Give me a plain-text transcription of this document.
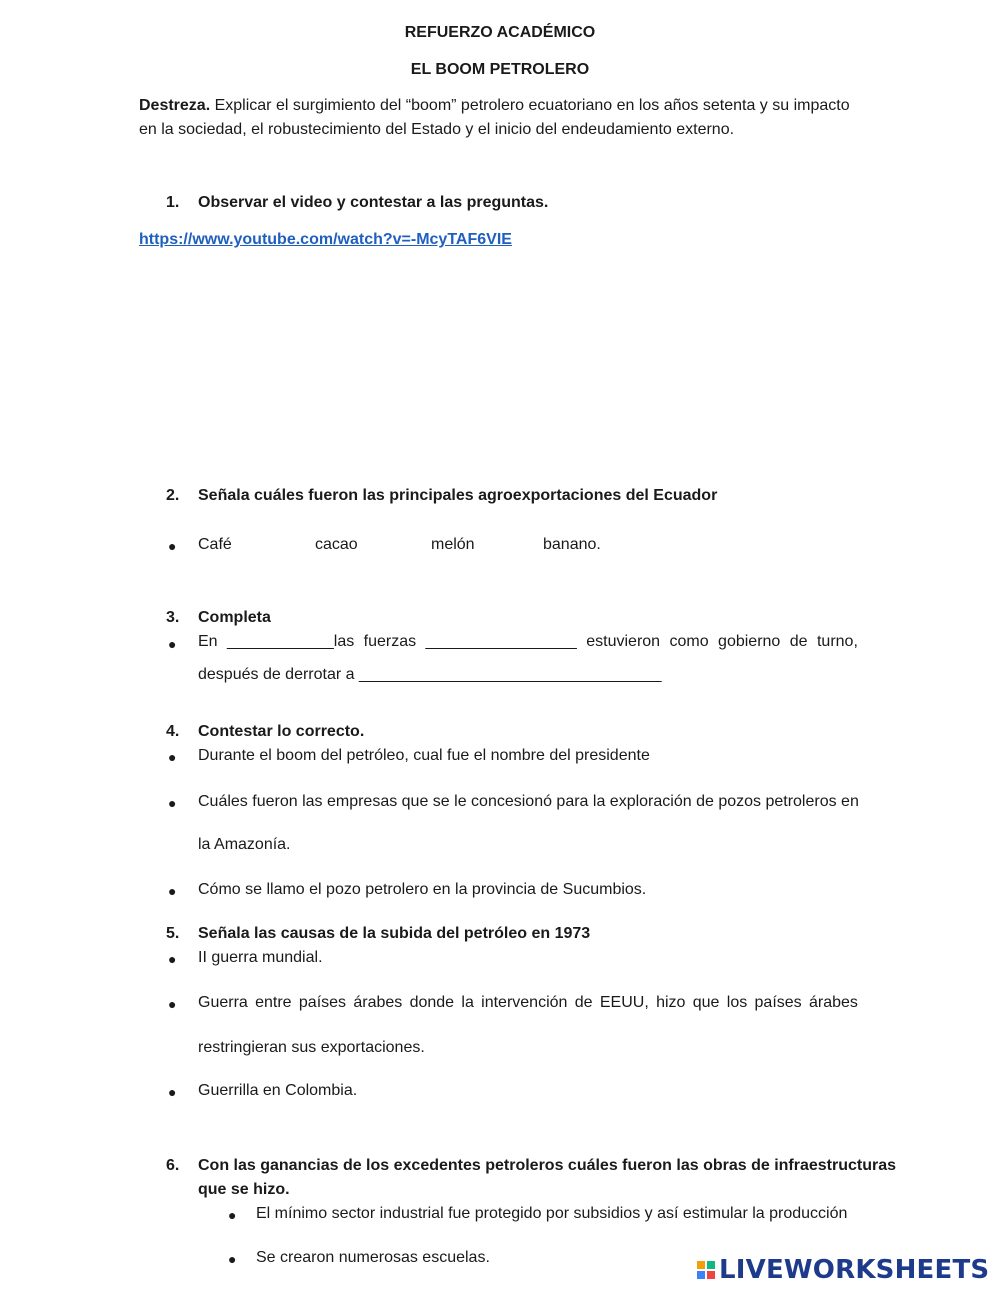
REFUERZO ACADÉMICO
EL BOOM PETROLERO
Destreza. Explicar el surgimiento del “boom” petrolero ecuatoriano en los años setenta y su impacto
en la sociedad, el robustecimiento del Estado y el inicio del endeudamiento externo.
1. Observar el video y contestar a las preguntas.
https://www.youtube.com/watch?v=-McyTAF6VIE
2. Señala cuáles fueron las principales agroexportaciones del Ecuador
● Café	cacao	melón	banano.
3. Completa
● En ____________las fuerzas _________________ estuvieron como gobierno de turno,
después de derrotar a __________________________________
4. Contestar lo correcto.
● Durante el boom del petróleo, cual fue el nombre del presidente
● Cuáles fueron las empresas que se le concesionó para la exploración de pozos petroleros en
la Amazonía.
● Cómo se llamo el pozo petrolero en la provincia de Sucumbios.
5. Señala las causas de la subida del petróleo en 1973
● II guerra mundial.
● Guerra entre países árabes donde la intervención de EEUU, hizo que los países árabes
restringieran sus exportaciones.
● Guerrilla en Colombia.
6. Con las ganancias de los excedentes petroleros cuáles fueron las obras de infraestructuras
que se hizo.
● El mínimo sector industrial fue protegido por subsidios y así estimular la producción
● Se crearon numerosas escuelas.	LIVEWORKSHEETS
